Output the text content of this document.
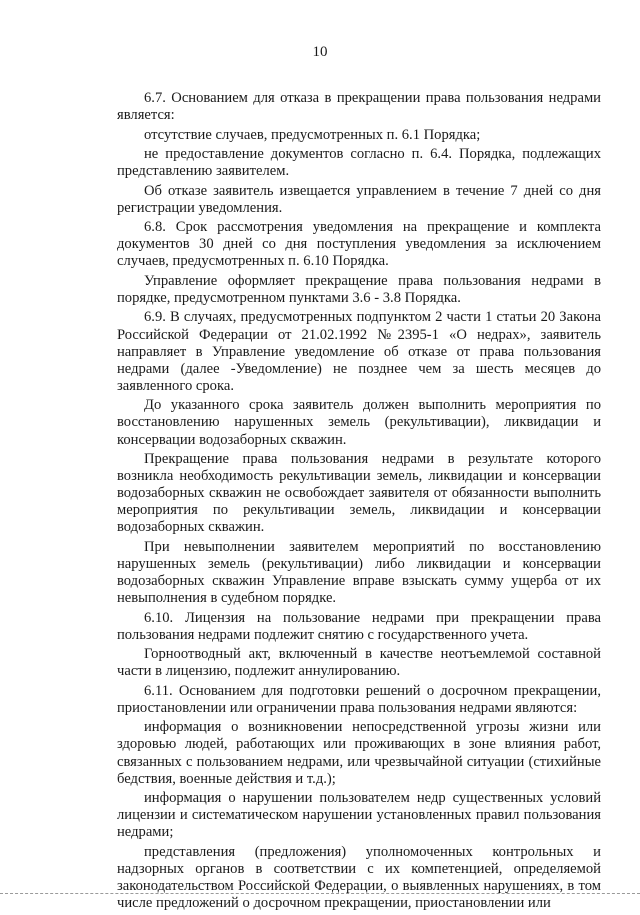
10

6.7. Основанием для отказа в прекращении права пользования недрами является:

отсутствие случаев, предусмотренных п. 6.1 Порядка;

не предоставление документов согласно п. 6.4. Порядка, подлежащих представлению заявителем.

Об отказе заявитель извещается управлением в течение 7 дней со дня регистрации уведомления.

6.8. Срок рассмотрения уведомления на прекращение и комплекта документов 30 дней со дня поступления уведомления за исключением случаев, предусмотренных п. 6.10 Порядка.

Управление оформляет прекращение права пользования недрами в порядке, предусмотренном пунктами 3.6 - 3.8 Порядка.

6.9. В случаях, предусмотренных подпунктом 2 части 1 статьи 20 Закона Российской Федерации от 21.02.1992 №2395-1 «О недрах», заявитель направляет в Управление уведомление об отказе от права пользования недрами (далее -Уведомление) не позднее чем за шесть месяцев до заявленного срока.

До указанного срока заявитель должен выполнить мероприятия по восстановлению нарушенных земель (рекультивации), ликвидации и консервации водозаборных скважин.

Прекращение права пользования недрами в результате которого возникла необходимость рекультивации земель, ликвидации и консервации водозаборных скважин не освобождает заявителя от обязанности выполнить мероприятия по рекультивации земель, ликвидации и консервации водозаборных скважин.

При невыполнении заявителем мероприятий по восстановлению нарушенных земель (рекультивации) либо ликвидации и консервации водозаборных скважин Управление вправе взыскать сумму ущерба от их невыполнения в судебном порядке.

6.10. Лицензия на пользование недрами при прекращении права пользования недрами подлежит снятию с государственного учета.

Горноотводный акт, включенный в качестве неотъемлемой составной части в лицензию, подлежит аннулированию.

6.11. Основанием для подготовки решений о досрочном прекращении, приостановлении или ограничении права пользования недрами являются:

информация о возникновении непосредственной угрозы жизни или здоровью людей, работающих или проживающих в зоне влияния работ, связанных с пользованием недрами, или чрезвычайной ситуации (стихийные бедствия, военные действия и т.д.);

информация о нарушении пользователем недр существенных условий лицензии и систематическом нарушении установленных правил пользования недрами;

представления (предложения) уполномоченных контрольных и надзорных органов в соответствии с их компетенцией, определяемой законодательством Российской Федерации, о выявленных нарушениях, в том числе предложений о досрочном прекращении, приостановлении или
